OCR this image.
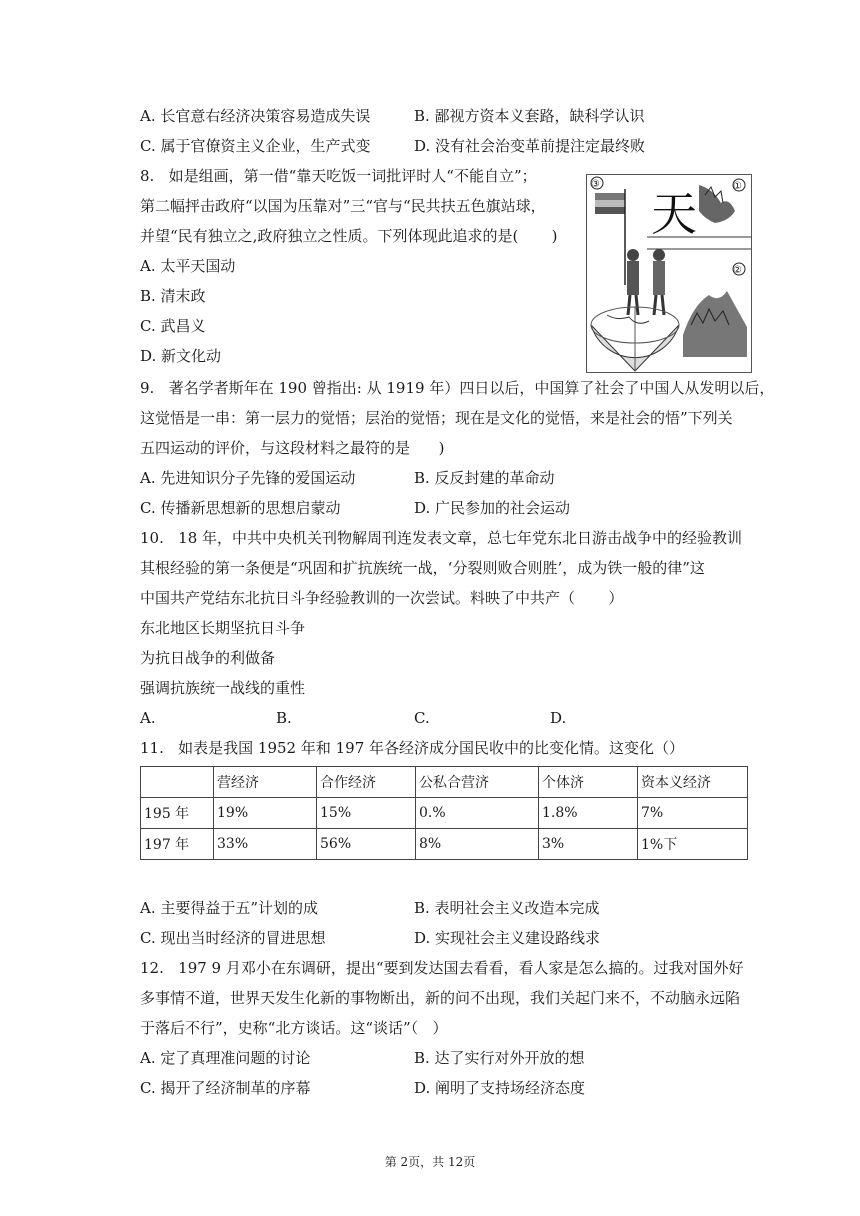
A. 长官意右经济决策容易造成失误	B. 鄙视方资本义套路，缺科学认识
C. 属于官僚资主义企业，生产式变	D. 没有社会治变革前提注定最终败
8.   如是组画，第一借“靠天吃饭一词批评时人“不能自立”；
第二幅抨击政府“以国为压靠对”三“官与“民共扶五色旗站球，
并望“民有独立之,政府独立之性质。下列体现此追求的是(       )
A. 太平天国动
B. 清末政
C. 武昌义
D. 新文化动
天
③	①
②
9.   著名学者斯年在 190 曾指出: 从 1919 年）四日以后，中国算了社会了中国人从发明以后，
这觉悟是一串：第一层力的觉悟；层治的觉悟；现在是文化的觉悟，来是社会的悟”下列关
五四运动的评价，与这段材料之最符的是      )
A. 先进知识分子先锋的爱国运动	B. 反反封建的革命动
C. 传播新思想新的思想启蒙动	D. 广民参加的社会运动
10.   18 年，中共中央机关刊物解周刊连发表文章，总七年党东北日游击战争中的经验教训
其根经验的第一条便是“巩固和扩抗族统一战，‘分裂则败合则胜’，成为铁一般的律”这
中国共产党结东北抗日斗争经验教训的一次尝试。料映了中共产（       ）
东北地区长期坚抗日斗争
为抗日战争的利做备
强调抗族统一战线的重性
A.	B.	C.	D.
11.   如表是我国 1952 年和 197 年各经济成分国民收中的比变化情。这变化（）
	营经济	合作经济	公私合营济	个体济	资本义经济
195 年	19%	15%	0.%	1.8%	7%
197 年	33%	56%	8%	3%	1%下
A. 主要得益于五”计划的成	B. 表明社会主义改造本完成
C. 现出当时经济的冒进思想	D. 实现社会主义建设路线求
12.   197 9 月邓小在东调研，提出“要到发达国去看看，看人家是怎么搞的。过我对国外好
多事情不道，世界天发生化新的事物断出，新的问不出现，我们关起门来不，不动脑永远陷
于落后不行”，史称“北方谈话。这“谈话”（   ）
A. 定了真理准问题的讨论	B. 达了实行对外开放的想
C. 揭开了经济制革的序幕	D. 阐明了支持场经济态度
第 2页，共 12页
